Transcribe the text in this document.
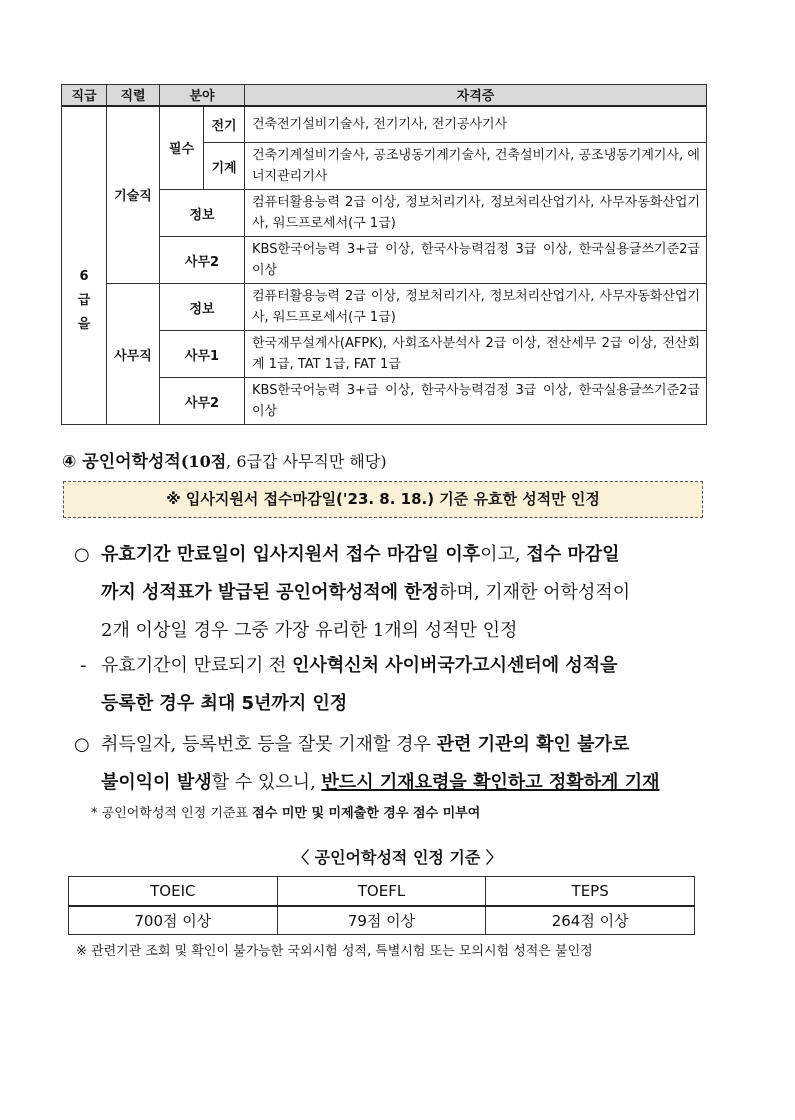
직급	직렬	분야		자격증

6
급
을	기술직	필수	전기	건축전기설비기술사, 전기기사, 전기공사기사
			기계	건축기계설비기술사, 공조냉동기계기술사, 건축설비기사, 공조냉동기계기사, 에너지관리기사
		정보		컴퓨터활용능력 2급 이상, 정보처리기사, 정보처리산업기사, 사무자동화산업기사, 워드프로세서(구 1급)
		사무2		KBS한국어능력 3+급 이상, 한국사능력검정 3급 이상, 한국실용글쓰기준2급 이상
	사무직	정보		컴퓨터활용능력 2급 이상, 정보처리기사, 정보처리산업기사, 사무자동화산업기사, 워드프로세서(구 1급)
		사무1		한국재무설계사(AFPK), 사회조사분석사 2급 이상, 전산세무 2급 이상, 전산회계 1급, TAT 1급, FAT 1급
		사무2		KBS한국어능력 3+급 이상, 한국사능력검정 3급 이상, 한국실용글쓰기준2급 이상
④ 공인어학성적(10점, 6급갑 사무직만 해당)
※ 입사지원서 접수마감일('23. 8. 18.) 기준 유효한 성적만 인정
○ 유효기간 만료일이 입사지원서 접수 마감일 이후이고, 접수 마감일
까지 성적표가 발급된 공인어학성적에 한정하며, 기재한 어학성적이
2개 이상일 경우 그중 가장 유리한 1개의 성적만 인정
- 유효기간이 만료되기 전 인사혁신처 사이버국가고시센터에 성적을
등록한 경우 최대 5년까지 인정
○ 취득일자, 등록번호 등을 잘못 기재할 경우 관련 기관의 확인 불가로
불이익이 발생할 수 있으니, 반드시 기재요령을 확인하고 정확하게 기재
* 공인어학성적 인정 기준표 점수 미만 및 미제출한 경우 점수 미부여
〈 공인어학성적 인정 기준 〉
TOEIC	TOEFL	TEPS
700점 이상	79점 이상	264점 이상
※ 관련기관 조회 및 확인이 불가능한 국외시험 성적, 특별시험 또는 모의시험 성적은 불인정
